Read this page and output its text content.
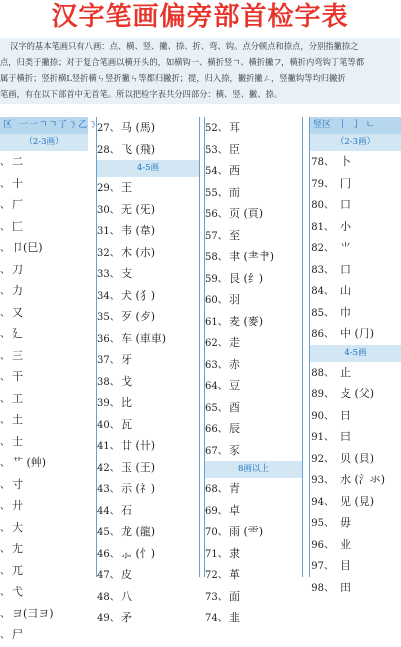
汉字笔画偏旁部首检字表

汉字的基本笔画只有八画：点、横、竖、撇、捺、折、弯、钩。点分顿点和捺点，分别指撇捺之

点，归类于撇捺；对于复合笔画以横开头的，如横钩一、横折竖ㄱ、横折撇フ，横折内弯钩丁笔等都

属于横折；竖折横L竖折横ㄣ竖折撇ㄣ等都归撇折；提，归入捺，撇折撇ㄥ，竖撇钩等均归撇折

笔画，有在以下部首中无首笔。所以把检字表共分四部分：横、竖、撇、捺。

区 一一ㄱㄱ了ㄋ乙ㄋ
（2-3画）
、 二
、 十
、 厂
、 匚
、 卩(巳)
、 刀
、 力
、 又
、 廴
、 三
、 干
、 工
、 土
、 士
、 艹 (艸)
、 寸
、 廾
、 大
、 尢
、 兀
、 弋
、 ヨ(彐ヨ)
、 尸
27、马 (馬)
28、飞 (飛)
4-5画
29、王
30、无 (旡)
31、韦 (韋)
32、木 (朩)
33、支
34、犬 (犭)
35、歹 (歺)
36、车 (車車)
37、牙
38、戈
39、比
40、瓦
41、廿 (卄)
42、玉 (王)
43、示 (礻)
44、石
45、龙 (龍)
46、⺗ (忄)
47、皮
48、八
49、矛
52、耳
53、臣
54、西
55、而
56、页 (頁)
57、至
58、聿 (⺻⺺)
59、艮 (⺰)
60、羽
61、麦 (麥)
62、走
63、赤
64、豆
65、酉
66、辰
67、豕
8画以上
68、青
69、卓
70、雨 (⻗)
71、隶
72、革
73、面
74、韭
竖区 丨 亅 ㄴ
（2-3画）
78、 卜
79、 冂
80、 口
81、 小
82、 ⺌
83、 口
84、 山
85、 巾
86、 中 (⺆)
4-5画
88、 止
89、 攴 (父)
90、 日
91、 曰
92、 贝 (貝)
93、 水 (氵氺)
94、 见 (見)
95、 毋
96、 业
97、 目
98、 田
